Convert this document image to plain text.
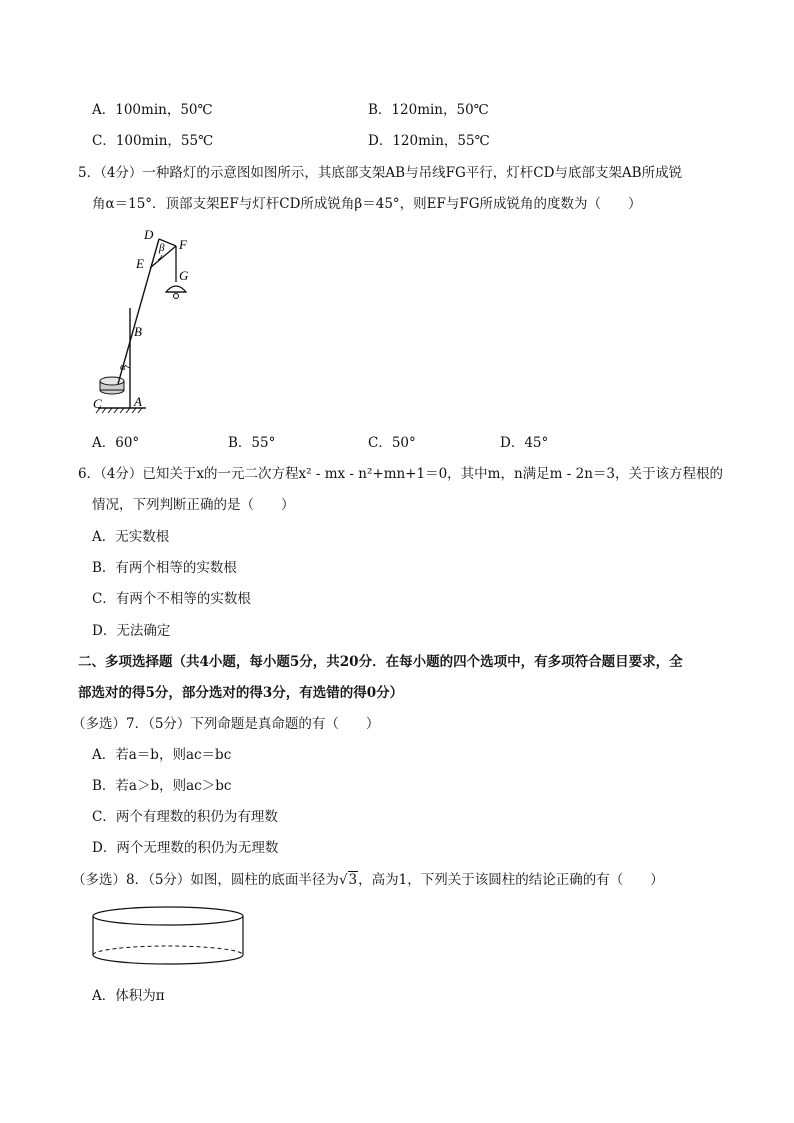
A．100min，50℃	B．120min，50℃
C．100min，55℃	D．120min，55℃
5．（4分）一种路灯的示意图如图所示，其底部支架AB与吊线FG平行，灯杆CD与底部支架AB所成锐
角α＝15°．顶部支架EF与灯杆CD所成锐角β＝45°，则EF与FG所成锐角的度数为（　　）
D
β F
E
G
B
α
C A
A．60°	B．55°	C．50°	D．45°
6．（4分）已知关于x的一元二次方程x² - mx - n²+mn+1＝0，其中m，n满足m - 2n＝3，关于该方程根的
情况，下列判断正确的是（　　）
A．无实数根
B．有两个相等的实数根
C．有两个不相等的实数根
D．无法确定
二、多项选择题（共4小题，每小题5分，共20分．在每小题的四个选项中，有多项符合题目要求，全
部选对的得5分，部分选对的得3分，有选错的得0分）
（多选）7．（5分）下列命题是真命题的有（　　）
A．若a＝b，则ac＝bc
B．若a＞b，则ac＞bc
C．两个有理数的积仍为有理数
D．两个无理数的积仍为无理数
（多选）8．（5分）如图，圆柱的底面半径为√3，高为1，下列关于该圆柱的结论正确的有（　　）
A．体积为π
